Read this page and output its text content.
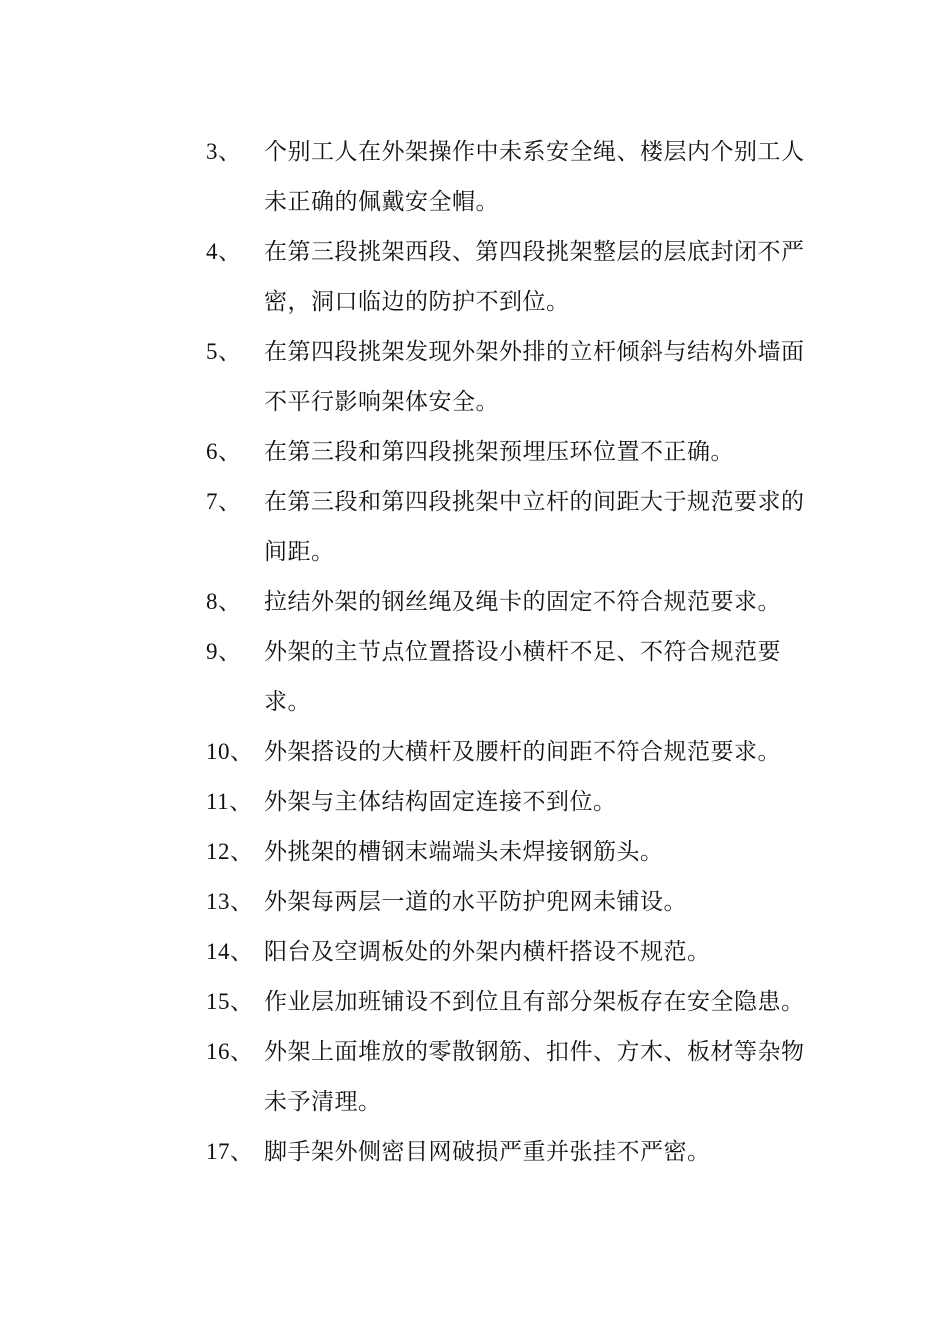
3、 个别工人在外架操作中未系安全绳、楼层内个别工人未正确的佩戴安全帽。
4、 在第三段挑架西段、第四段挑架整层的层底封闭不严密，洞口临边的防护不到位。
5、 在第四段挑架发现外架外排的立杆倾斜与结构外墙面不平行影响架体安全。
6、 在第三段和第四段挑架预埋压环位置不正确。
7、 在第三段和第四段挑架中立杆的间距大于规范要求的间距。
8、 拉结外架的钢丝绳及绳卡的固定不符合规范要求。
9、 外架的主节点位置搭设小横杆不足、不符合规范要求。
10、 外架搭设的大横杆及腰杆的间距不符合规范要求。
11、 外架与主体结构固定连接不到位。
12、 外挑架的槽钢末端端头未焊接钢筋头。
13、 外架每两层一道的水平防护兜网未铺设。
14、 阳台及空调板处的外架内横杆搭设不规范。
15、 作业层加班铺设不到位且有部分架板存在安全隐患。
16、 外架上面堆放的零散钢筋、扣件、方木、板材等杂物未予清理。
17、 脚手架外侧密目网破损严重并张挂不严密。
